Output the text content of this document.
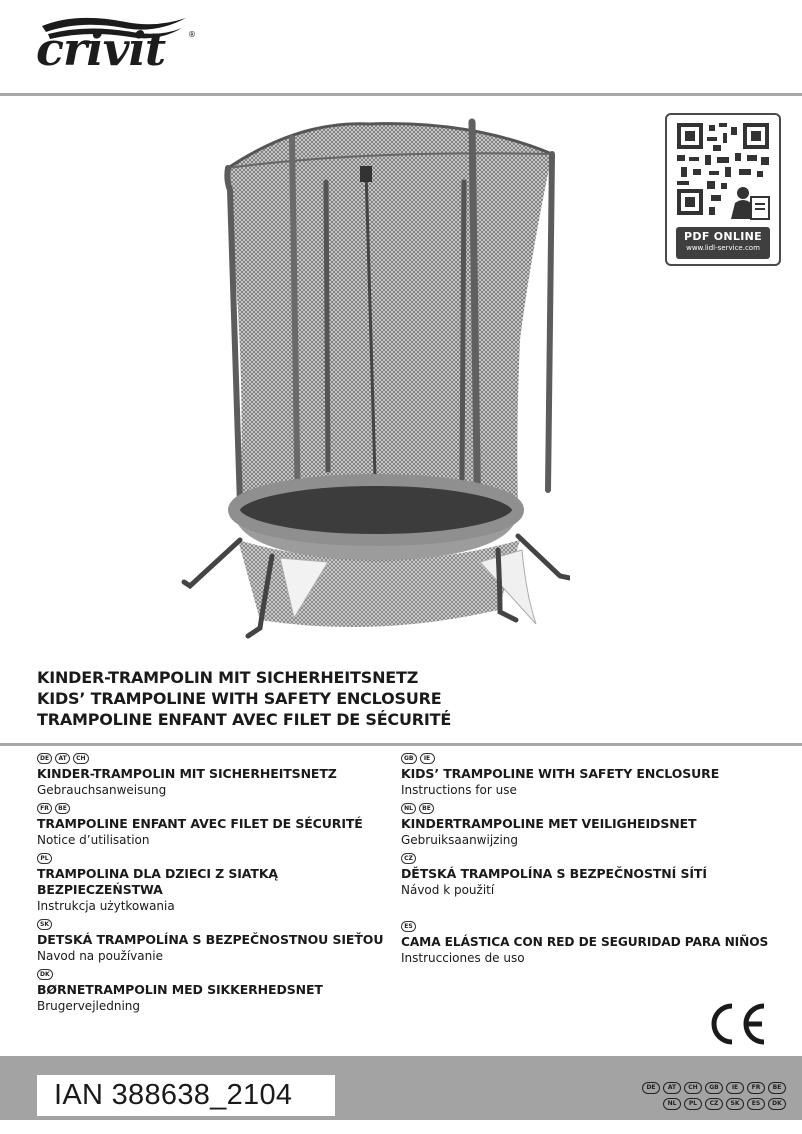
crivit	®
PDF ONLINE
www.lidl-service.com
KINDER-TRAMPOLIN MIT SICHERHEITSNETZ
KIDS’ TRAMPOLINE WITH SAFETY ENCLOSURE
TRAMPOLINE ENFANT AVEC FILET DE SÉCURITÉ
DE	AT	CH
KINDER-TRAMPOLIN MIT SICHERHEITSNETZ
Gebrauchsanweisung
FR	BE
TRAMPOLINE ENFANT AVEC FILET DE SÉCURITÉ
Notice d’utilisation
PL
TRAMPOLINA DLA DZIECI Z SIATKĄ BEZPIECZEŃSTWA
Instrukcja użytkowania
SK
DETSKÁ TRAMPOLÍNA S BEZPEČNOSTNOU SIEŤOU
Navod na používanie
DK
BØRNETRAMPOLIN MED SIKKERHEDSNET
Brugervejledning
GB	IE
KIDS’ TRAMPOLINE WITH SAFETY ENCLOSURE
Instructions for use
NL	BE
KINDERTRAMPOLINE MET VEILIGHEIDSNET
Gebruiksaanwijzing
CZ
DĚTSKÁ TRAMPOLÍNA S BEZPEČNOSTNÍ SÍTÍ
Návod k použití
ES
CAMA ELÁSTICA CON RED DE SEGURIDAD PARA NIÑOS
Instrucciones de uso
IAN 388638_2104	DE	AT	CH	GB	IE	FR	BE
NL	PL	CZ	SK	ES	DK
